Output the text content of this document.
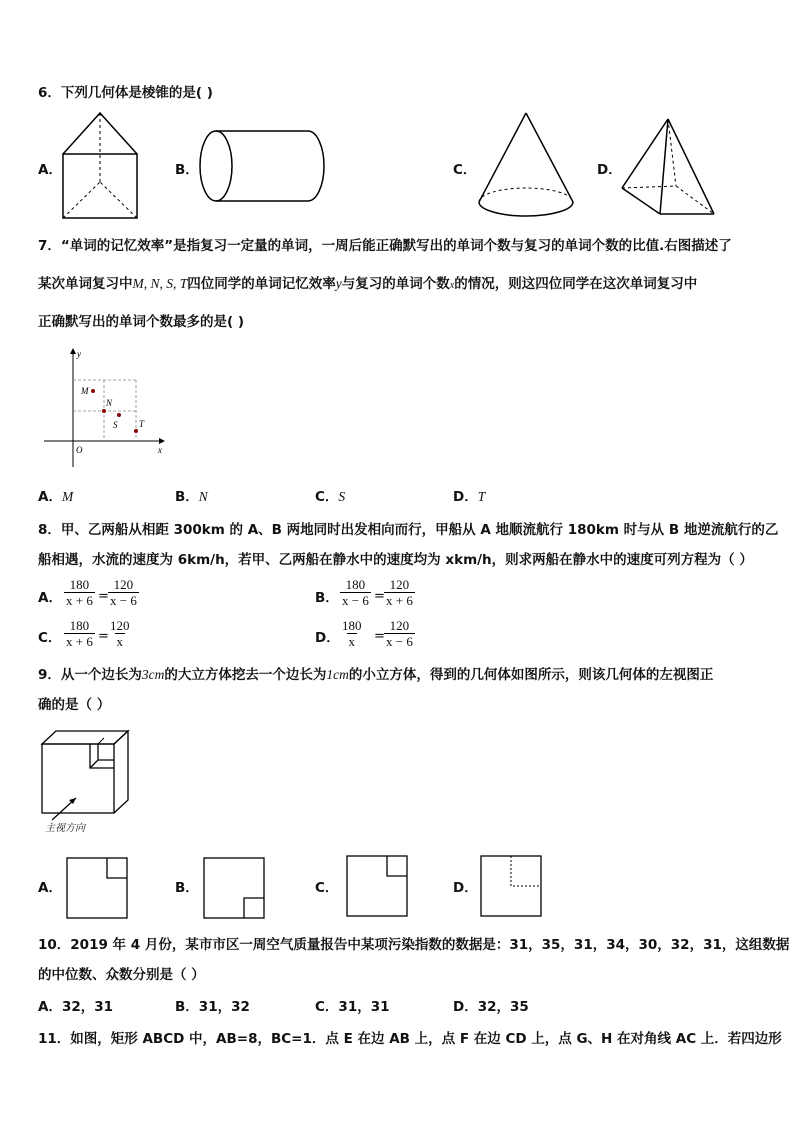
6．下列几何体是棱锥的是( )
A．	B．	C．	D．
7．“单词的记忆效率”是指复习一定量的单词，一周后能正确默写出的单词个数与复习的单词个数的比值.右图描述了
某次单词复习中M, N, S, T四位同学的单词记忆效率y与复习的单词个数x的情况，则这四位同学在这次单词复习中
正确默写出的单词个数最多的是( )
y
x
O
M
N
S T
A．M	B．N	C．S	D．T
8．甲、乙两船从相距 300km 的 A、B 两地同时出发相向而行，甲船从 A 地顺流航行 180km 时与从 B 地逆流航行的乙
船相遇，水流的速度为 6km/h，若甲、乙两船在静水中的速度均为 xkm/h，则求两船在静水中的速度可列方程为（ ）
A． $\frac{180}{x + 6} = \frac{120}{x - 6}$	B． $\frac{180}{x - 6} = \frac{120}{x + 6}$
C． $\frac{180}{x + 6} = \frac{120}{x}$	D． $\frac{180}{x} = \frac{120}{x - 6}$
9．从一个边长为3cm的大立方体挖去一个边长为1cm的小立方体，得到的几何体如图所示，则该几何体的左视图正
确的是（ ）
主视方向
A．	B．	C．	D．
10．2019 年 4 月份，某市市区一周空气质量报告中某项污染指数的数据是：31，35，31，34，30，32，31，这组数据
的中位数、众数分别是（ ）
A．32，31	B．31，32	C．31，31	D．32，35
11．如图，矩形 ABCD 中，AB=8，BC=1．点 E 在边 AB 上，点 F 在边 CD 上，点 G、H 在对角线 AC 上．若四边形
